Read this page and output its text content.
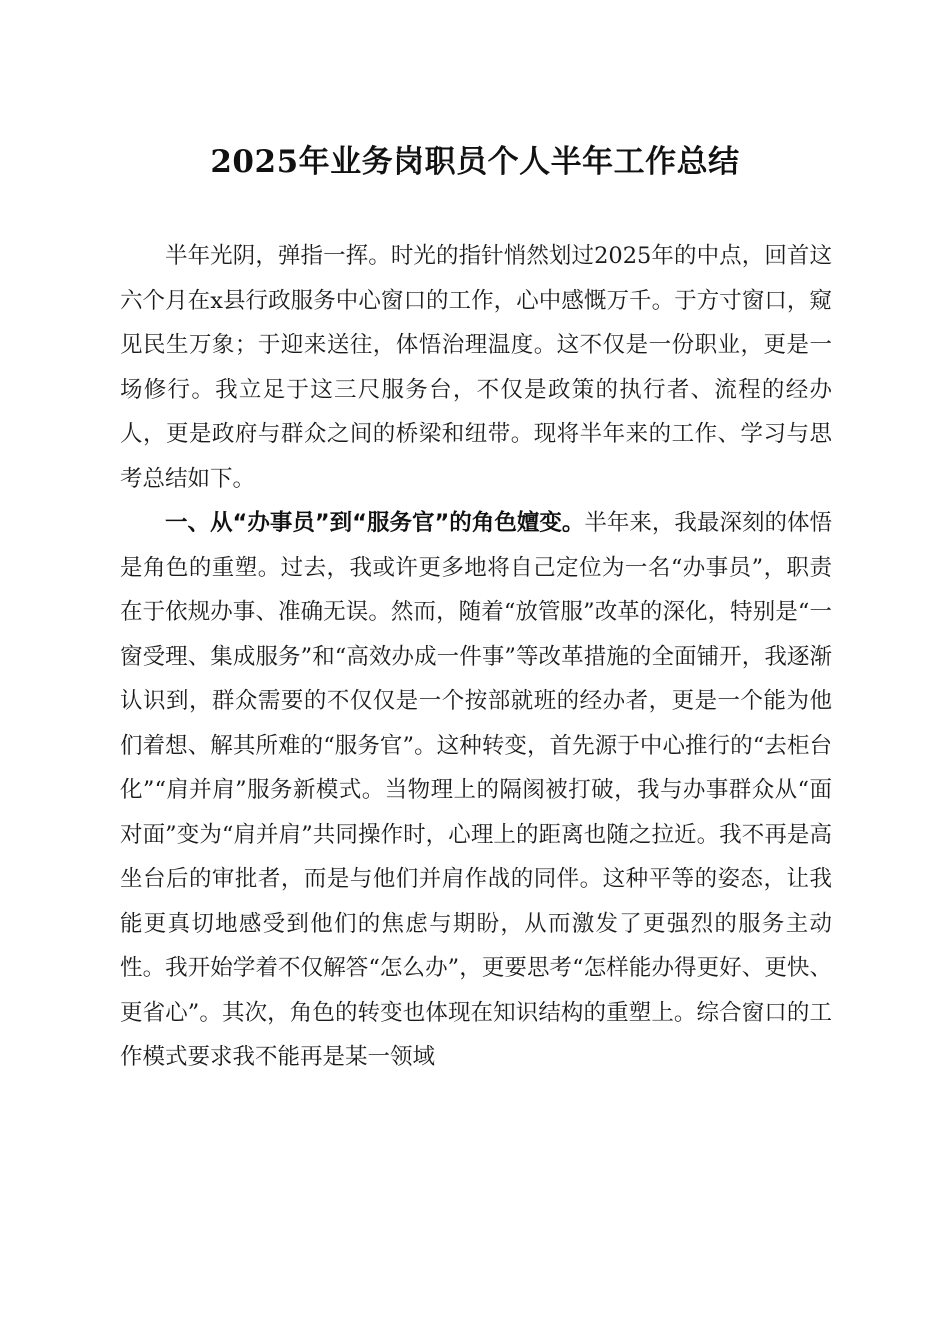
2025年业务岗职员个人半年工作总结

半年光阴，弹指一挥。时光的指针悄然划过2025年的中点，回首这六个月在x县行政服务中心窗口的工作，心中感慨万千。于方寸窗口，窥见民生万象；于迎来送往，体悟治理温度。这不仅是一份职业，更是一场修行。我立足于这三尺服务台，不仅是政策的执行者、流程的经办人，更是政府与群众之间的桥梁和纽带。现将半年来的工作、学习与思考总结如下。

一、从“办事员”到“服务官”的角色嬗变。半年来，我最深刻的体悟是角色的重塑。过去，我或许更多地将自己定位为一名“办事员”，职责在于依规办事、准确无误。然而，随着“放管服”改革的深化，特别是“一窗受理、集成服务”和“高效办成一件事”等改革措施的全面铺开，我逐渐认识到，群众需要的不仅仅是一个按部就班的经办者，更是一个能为他们着想、解其所难的“服务官”。这种转变，首先源于中心推行的“去柜台化”“肩并肩”服务新模式。当物理上的隔阂被打破，我与办事群众从“面对面”变为“肩并肩”共同操作时，心理上的距离也随之拉近。我不再是高坐台后的审批者，而是与他们并肩作战的同伴。这种平等的姿态，让我能更真切地感受到他们的焦虑与期盼，从而激发了更强烈的服务主动性。我开始学着不仅解答“怎么办”，更要思考“怎样能办得更好、更快、更省心”。其次，角色的转变也体现在知识结构的重塑上。综合窗口的工作模式要求我不能再是某一领域
